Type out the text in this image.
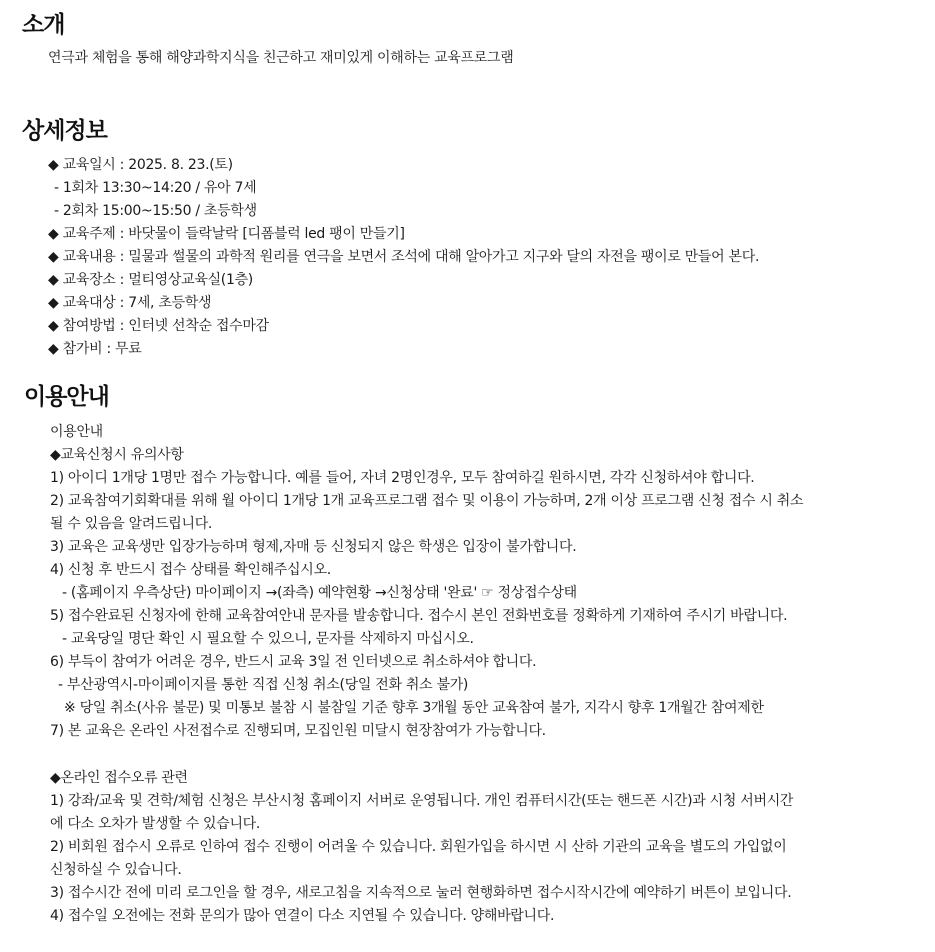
소개
연극과 체험을 통해 해양과학지식을 친근하고 재미있게 이해하는 교육프로그램
상세정보
◆ 교육일시 : 2025. 8. 23.(토)
- 1회차 13:30~14:20 / 유아 7세
- 2회차 15:00~15:50 / 초등학생
◆ 교육주제 : 바닷물이 들락날락 [디폼블럭 led 팽이 만들기]
◆ 교육내용 : 밀물과 썰물의 과학적 원리를 연극을 보면서 조석에 대해 알아가고 지구와 달의 자전을 팽이로 만들어 본다.
◆ 교육장소 : 멀티영상교육실(1층)
◆ 교육대상 : 7세, 초등학생
◆ 참여방법 : 인터넷 선착순 접수마감
◆ 참가비 : 무료
이용안내
이용안내
◆교육신청시 유의사항
1) 아이디 1개당 1명만 접수 가능합니다. 예를 들어, 자녀 2명인경우, 모두 참여하길 원하시면, 각각 신청하셔야 합니다.
2) 교육참여기회확대를 위해 월 아이디 1개당 1개 교육프로그램 접수 및 이용이 가능하며, 2개 이상 프로그램 신청 접수 시 취소
될 수 있음을 알려드립니다.
3) 교육은 교육생만 입장가능하며 형제,자매 등 신청되지 않은 학생은 입장이 불가합니다.
4) 신청 후 반드시 접수 상태를 확인해주십시오.
- (홈페이지 우측상단) 마이페이지 →(좌측) 예약현황 →신청상태 '완료' ☞ 정상접수상태
5) 접수완료된 신청자에 한해 교육참여안내 문자를 발송합니다. 접수시 본인 전화번호를 정확하게 기재하여 주시기 바랍니다.
- 교육당일 명단 확인 시 필요할 수 있으니, 문자를 삭제하지 마십시오.
6) 부득이 참여가 어려운 경우, 반드시 교육 3일 전 인터넷으로 취소하셔야 합니다.
- 부산광역시-마이페이지를 통한 직접 신청 취소(당일 전화 취소 불가)
※ 당일 취소(사유 불문) 및 미통보 불참 시 불참일 기준 향후 3개월 동안 교육참여 불가, 지각시 향후 1개월간 참여제한
7) 본 교육은 온라인 사전접수로 진행되며, 모집인원 미달시 현장참여가 가능합니다.
◆온라인 접수오류 관련
1) 강좌/교육 및 견학/체험 신청은 부산시청 홈페이지 서버로 운영됩니다. 개인 컴퓨터시간(또는 핸드폰 시간)과 시청 서버시간
에 다소 오차가 발생할 수 있습니다.
2) 비회원 접수시 오류로 인하여 접수 진행이 어려울 수 있습니다. 회원가입을 하시면 시 산하 기관의 교육을 별도의 가입없이
신청하실 수 있습니다.
3) 접수시간 전에 미리 로그인을 할 경우, 새로고침을 지속적으로 눌러 현행화하면 접수시작시간에 예약하기 버튼이 보입니다.
4) 접수일 오전에는 전화 문의가 많아 연결이 다소 지연될 수 있습니다. 양해바랍니다.
